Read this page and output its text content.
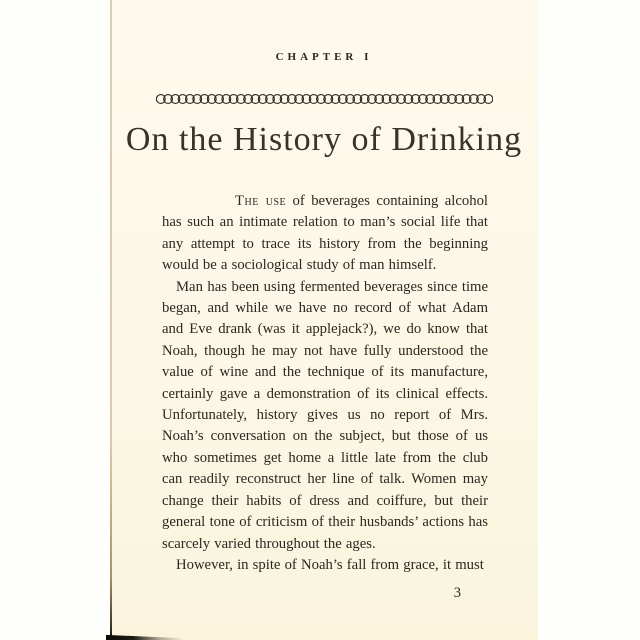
CHAPTER I
On the History of Drinking

The use of beverages containing alcohol has such an intimate relation to man’s social life that any attempt to trace its history from the beginning would be a sociological study of man himself.

Man has been using fermented beverages since time began, and while we have no record of what Adam and Eve drank (was it applejack?), we do know that Noah, though he may not have fully understood the value of wine and the technique of its manufacture, certainly gave a demonstration of its clinical effects. Unfortunately, history gives us no report of Mrs. Noah’s conversation on the subject, but those of us who sometimes get home a little late from the club can readily reconstruct her line of talk. Women may change their habits of dress and coiffure, but their general tone of criticism of their husbands’ actions has scarcely varied throughout the ages.

However, in spite of Noah’s fall from grace, it must

3
